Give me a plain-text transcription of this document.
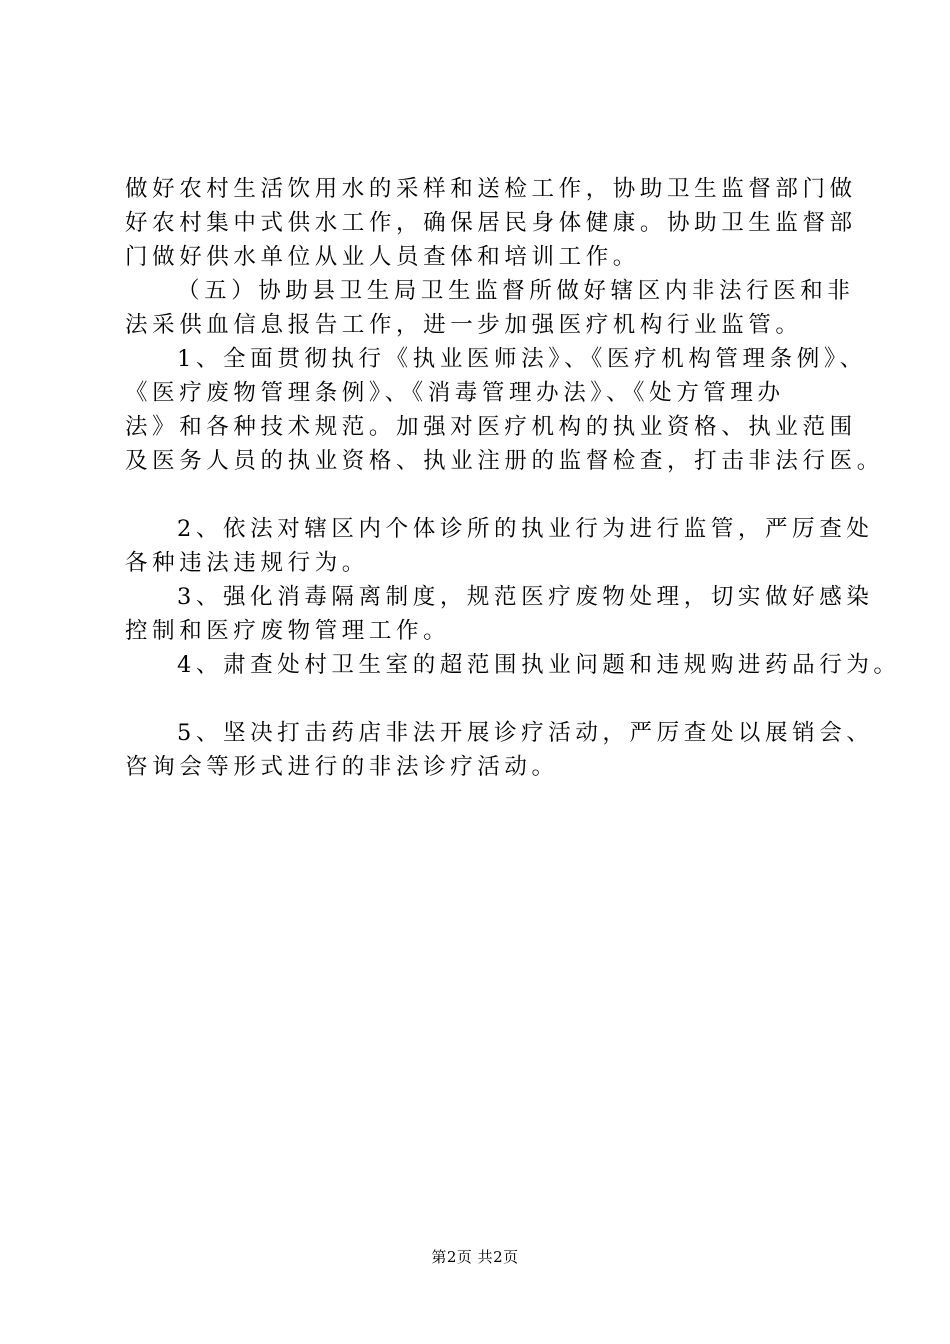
做好农村生活饮用水的采样和送检工作，协助卫生监督部门做
好农村集中式供水工作，确保居民身体健康。协助卫生监督部
门做好供水单位从业人员查体和培训工作。
（五）协助县卫生局卫生监督所做好辖区内非法行医和非
法采供血信息报告工作，进一步加强医疗机构行业监管。
1、全面贯彻执行《执业医师法》、《医疗机构管理条例》、
《医疗废物管理条例》、《消毒管理办法》、《处方管理办
法》和各种技术规范。加强对医疗机构的执业资格、执业范围
及医务人员的执业资格、执业注册的监督检查，打击非法行医。
2、依法对辖区内个体诊所的执业行为进行监管，严厉查处
各种违法违规行为。
3、强化消毒隔离制度，规范医疗废物处理，切实做好感染
控制和医疗废物管理工作。
4、肃查处村卫生室的超范围执业问题和违规购进药品行为。
5、坚决打击药店非法开展诊疗活动，严厉查处以展销会、
咨询会等形式进行的非法诊疗活动。
第2页 共2页
